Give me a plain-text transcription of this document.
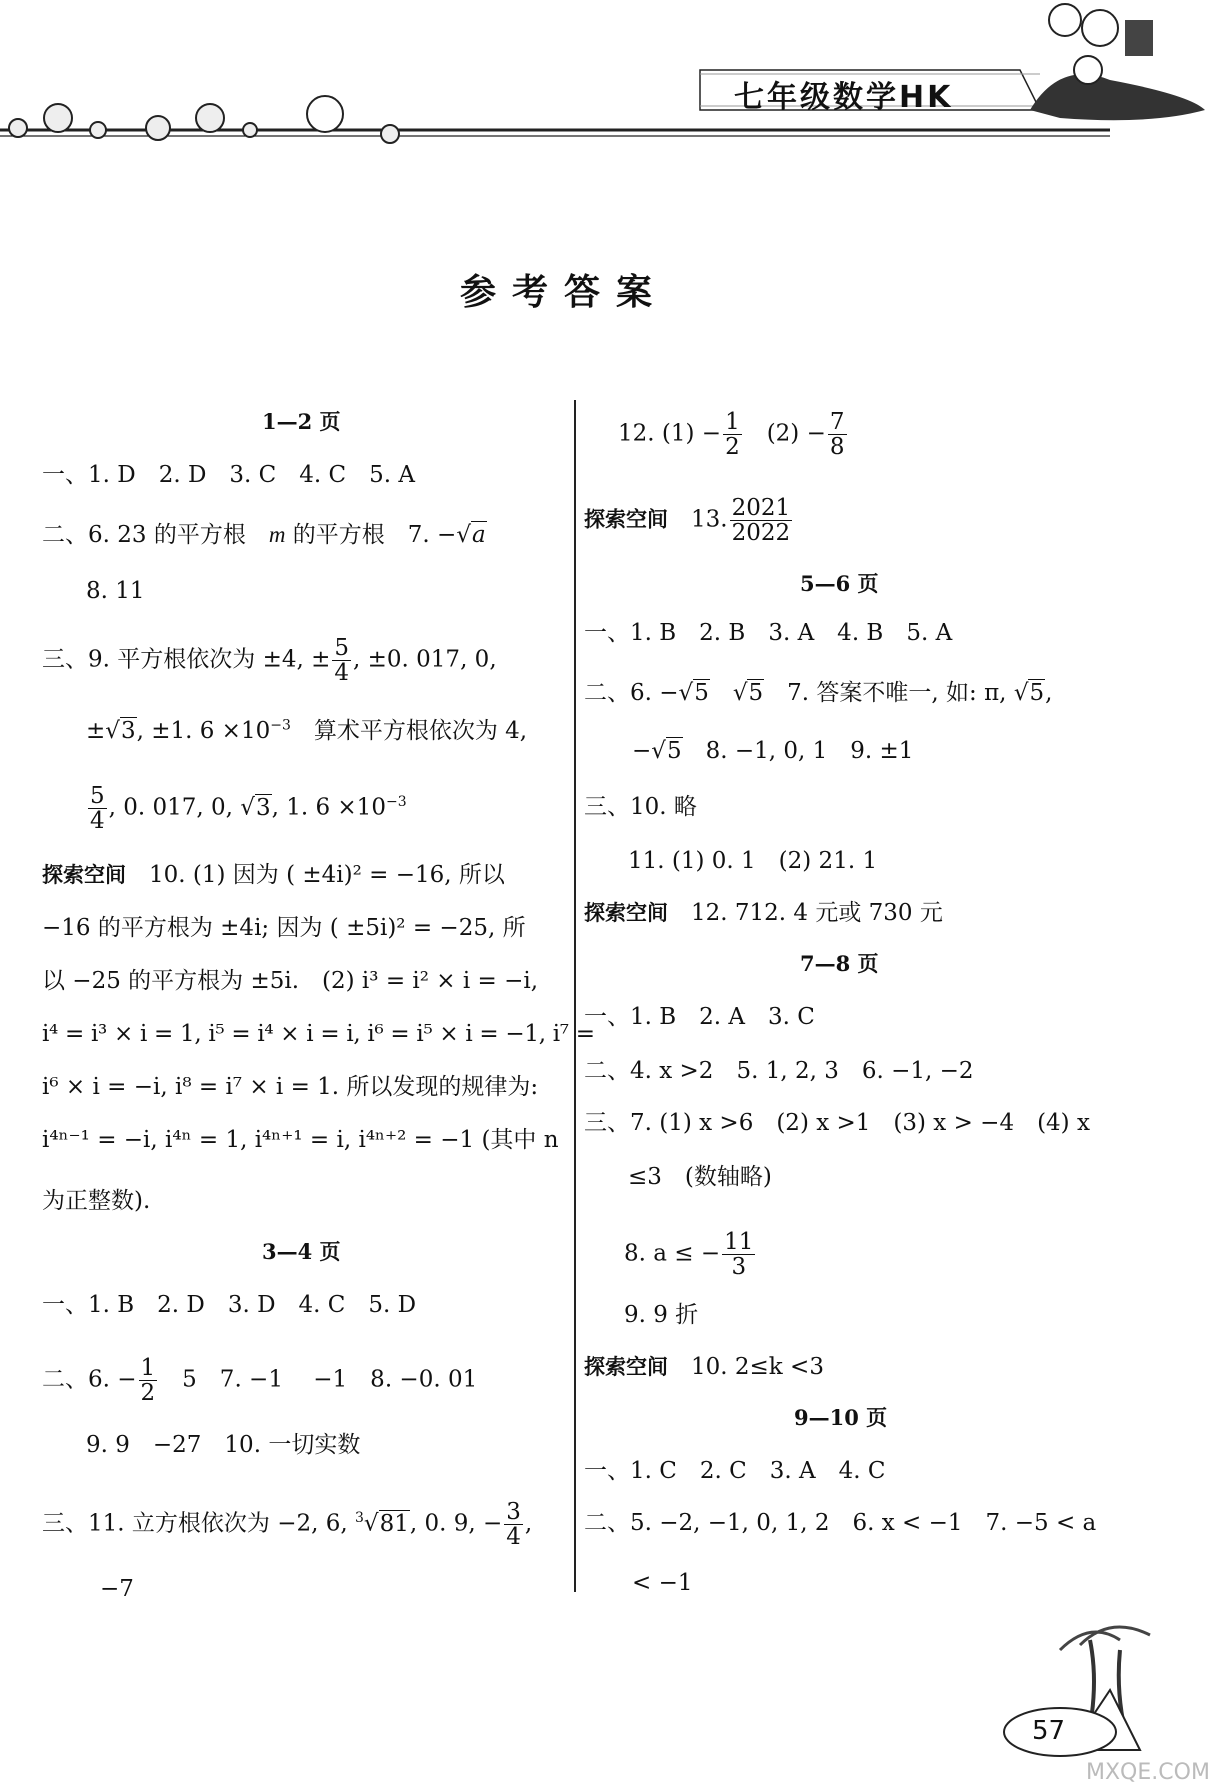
七年级数学HK
参考答案
1—2 页
一、1. D　2. D　3. C　4. C　5. A
二、6. 23 的平方根　m 的平方根　7. −√a
8. 11
三、9. 平方根依次为 ±4, ± $\frac{5}{4}$ , ±0. 017, 0,
±√3, ±1. $6 \times 10^{-3}$　算术平方根依次为 4,
$\frac{5}{4}$ , 0. 017, 0, √3, 1. $6 \times 10^{-3}$
探索空间　 10. (1) 因为 ( ±4i)² = −16, 所以
−16 的平方根为 ±4i; 因为 ( ±5i)² = −25, 所
以 −25 的平方根为 ±5i.　(2) i³ = i² × i = −i,
i⁴ = i³ × i = 1, i⁵ = i⁴ × i = i, i⁶ = i⁵ × i = −1, i⁷ =
i⁶ × i = −i, i⁸ = i⁷ × i = 1. 所以发现的规律为:
i⁴ⁿ⁻¹ = −i, i⁴ⁿ = 1, i⁴ⁿ⁺¹ = i, i⁴ⁿ⁺² = −1 (其中 n
为正整数).
3—4 页
一、1. B　2. D　3. D　4. C　5. D
二、6. − $\frac{1}{2}$ 　5　7. −1　 −1　8. −0. 01
9. 9　−27　10. 一切实数
三、11. 立方根依次为 −2, 6, $^3$√81, 0. 9, − $\frac{3}{4}$ ,
−7
12. $(1) - \frac{1}{2}$ 　$(2) - \frac{7}{8}$
探索空间　 13. $\frac{2021}{2022}$
5—6 页
一、1. B　2. B　3. A　4. B　5. A
二、6. −√5　 √5　7. 答案不唯一, 如: π, √5,
−√5　8. −1, 0, 1　9. ±1
三、10. 略
11. (1) 0. 1　(2) 21. 1
探索空间　 12. 712. 4 元或 730 元
7—8 页
一、1. B　2. A　3. C
二、4. x >2　5. 1, 2, 3　6. −1, −2
三、7. (1) x >6　(2) x >1　(3) x > −4　(4) x
≤3　(数轴略)
8. a ≤ − $\frac{11}{3}$
9. 9 折
探索空间　 10. 2≤k <3
9—10 页
一、1. C　2. C　3. A　4. C
二、5. −2, −1, 0, 1, 2　6. x < −1　7. −5 < a
< −1
57
MXQE.COM
